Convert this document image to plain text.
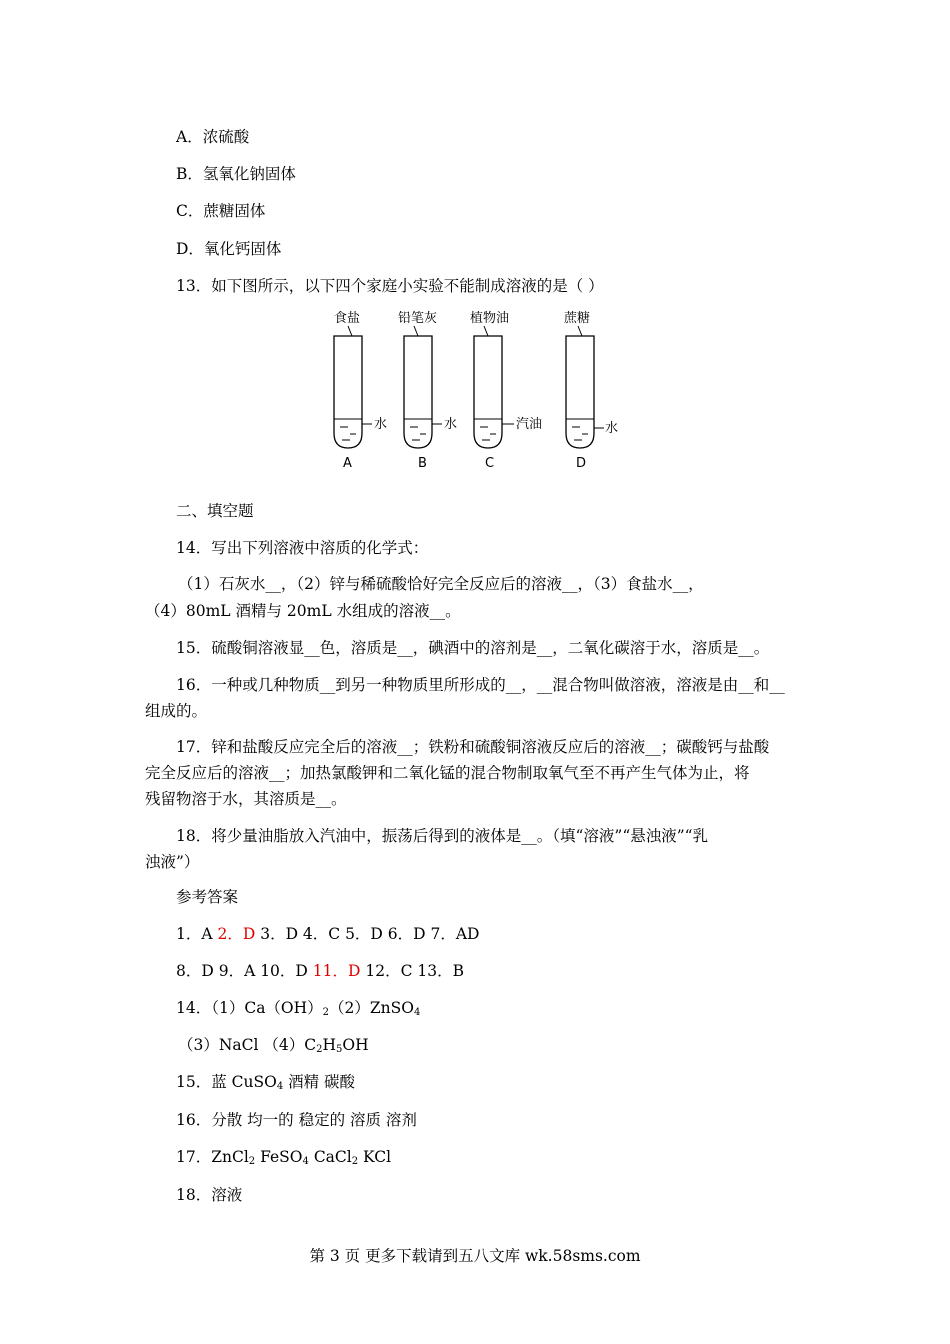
A．浓硫酸
B．氢氧化钠固体
C．蔗糖固体
D．氧化钙固体
13．如下图所示，以下四个家庭小实验不能制成溶液的是（ ）
食盐
水
A
铅笔灰
水
B
植物油
汽油
C
蔗糖
水
D
二、填空题
14．写出下列溶液中溶质的化学式：
（1）石灰水__，（2）锌与稀硫酸恰好完全反应后的溶液__，（3）食盐水__，
（4）80mL 酒精与 20mL 水组成的溶液__。
15．硫酸铜溶液显__色，溶质是__，碘酒中的溶剂是__，二氧化碳溶于水，溶质是__。
16．一种或几种物质__到另一种物质里所形成的__，__混合物叫做溶液，溶液是由__和__
组成的。
17．锌和盐酸反应完全后的溶液__；铁粉和硫酸铜溶液反应后的溶液__；碳酸钙与盐酸
完全反应后的溶液__；加热氯酸钾和二氧化锰的混合物制取氧气至不再产生气体为止，将
残留物溶于水，其溶质是__。
18．将少量油脂放入汽油中，振荡后得到的液体是__。（填“溶液”“悬浊液”“乳
浊液”）
参考答案
1．A 2．D 3．D 4．C 5．D 6．D 7．AD
8．D 9．A 10．D 11．D 12．C 13．B
14．$(1)Ca(OH)_2(2)ZnSO_4$
（3）NaCl $(4)C_2H_5OH$
15．蓝 CuSO$_4$ 酒精 碳酸
16．分散 均一的 稳定的 溶质 溶剂
17．ZnCl$_2$ FeSO$_4$ CaCl$_2$ KCl
18．溶液
第 3 页 更多下载请到五八文库 wk.58sms.com
